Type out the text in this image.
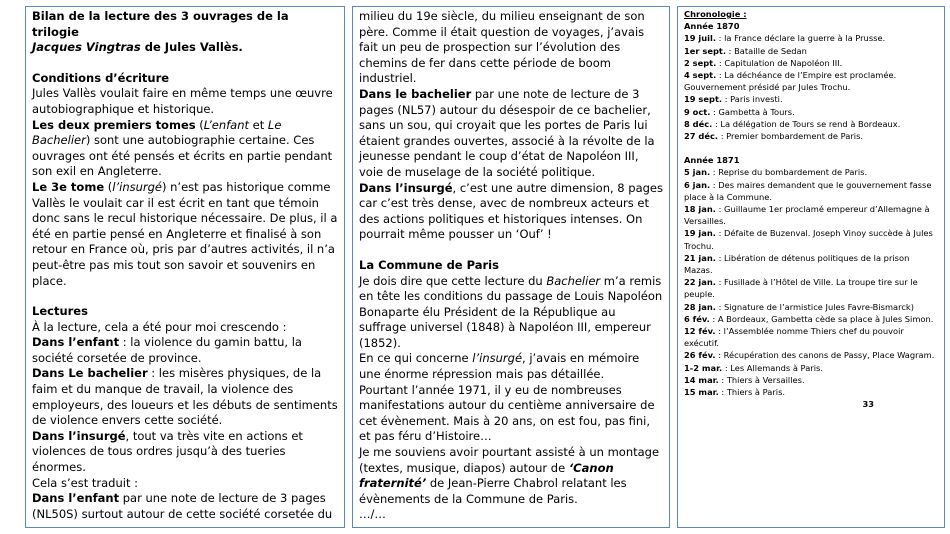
Bilan de la lecture des 3 ouvrages de la trilogie
Jacques Vingtras de Jules Vallès.

Conditions d’écriture

Jules Vallès voulait faire en même temps une œuvre autobiographique et historique.

Les deux premiers tomes (L’enfant et Le Bachelier) sont une autobiographie certaine. Ces ouvrages ont été pensés et écrits en partie pendant son exil en Angleterre.

Le 3e tome (l’insurgé) n’est pas historique comme Vallès le voulait car il est écrit en tant que témoin donc sans le recul historique nécessaire. De plus, il a été en partie pensé en Angleterre et finalisé à son retour en France où, pris par d’autres activités, il n’a peut-être pas mis tout son savoir et souvenirs en place.

Lectures

À la lecture, cela a été pour moi crescendo :

Dans l’enfant : la violence du gamin battu, la société corsetée de province.

Dans Le bachelier : les misères physiques, de la faim et du manque de travail, la violence des employeurs, des loueurs et les débuts de sentiments de violence envers cette société.

Dans l’insurgé, tout va très vite en actions et violences de tous ordres jusqu’à des tueries énormes.

Cela s’est traduit :

Dans l’enfant par une note de lecture de 3 pages (NL50S) surtout autour de cette société corsetée du

milieu du 19e siècle, du milieu enseignant de son père. Comme il était question de voyages, j’avais fait un peu de prospection sur l’évolution des chemins de fer dans cette période de boom industriel.

Dans le bachelier par une note de lecture de 3 pages (NL57) autour du désespoir de ce bachelier, sans un sou, qui croyait que les portes de Paris lui étaient grandes ouvertes, associé à la révolte de la jeunesse pendant le coup d’état de Napoléon III, voie de muselage de la société politique.

Dans l’insurgé, c’est une autre dimension, 8 pages car c’est très dense, avec de nombreux acteurs et des actions politiques et historiques intenses. On pourrait même pousser un ‘Ouf’ !

La Commune de Paris

Je dois dire que cette lecture du Bachelier m’a remis en tête les conditions du passage de Louis Napoléon Bonaparte élu Président de la République au suffrage universel (1848) à Napoléon III, empereur (1852).

En ce qui concerne l’insurgé, j’avais en mémoire une énorme répression mais pas détaillée.

Pourtant l’année 1971, il y eu de nombreuses manifestations autour du centième anniversaire de cet évènement. Mais à 20 ans, on est fou, pas fini, et pas féru d’Histoire…

Je me souviens avoir pourtant assisté à un montage (textes, musique, diapos) autour de ‘Canon fraternité’ de Jean-Pierre Chabrol relatant les évènements de la Commune de Paris.

…/…

Chronologie :

Année 1870

19 juil. : la France déclare la guerre à la Prusse.

1er sept. : Bataille de Sedan

2 sept. : Capitulation de Napoléon III.

4 sept. : La déchéance de l’Empire est proclamée. Gouvernement présidé par Jules Trochu.

19 sept. : Paris investi.

9 oct. : Gambetta à Tours.

8 déc. : La délégation de Tours se rend à Bordeaux.

27 déc. : Premier bombardement de Paris.

Année 1871

5 jan. : Reprise du bombardement de Paris.

6 jan. : Des maires demandent que le gouvernement fasse place à la Commune.

18 jan. : Guillaume 1er proclamé empereur d’Allemagne à Versailles.

19 jan. : Défaite de Buzenval. Joseph Vinoy succède à Jules Trochu.

21 jan. : Libération de détenus politiques de la prison Mazas.

22 jan. : Fusillade à l’Hôtel de Ville. La troupe tire sur le peuple.

28 jan. : Signature de l’armistice Jules Favre-Bismarck)

6 fév. : A Bordeaux, Gambetta cède sa place à Jules Simon.

12 fév. : l’Assemblée nomme Thiers chef du pouvoir exécutif.

26 fév. : Récupération des canons de Passy, Place Wagram.

1-2 mar. : Les Allemands à Paris.

14 mar. : Thiers à Versailles.

15 mar. : Thiers à Paris.

33
